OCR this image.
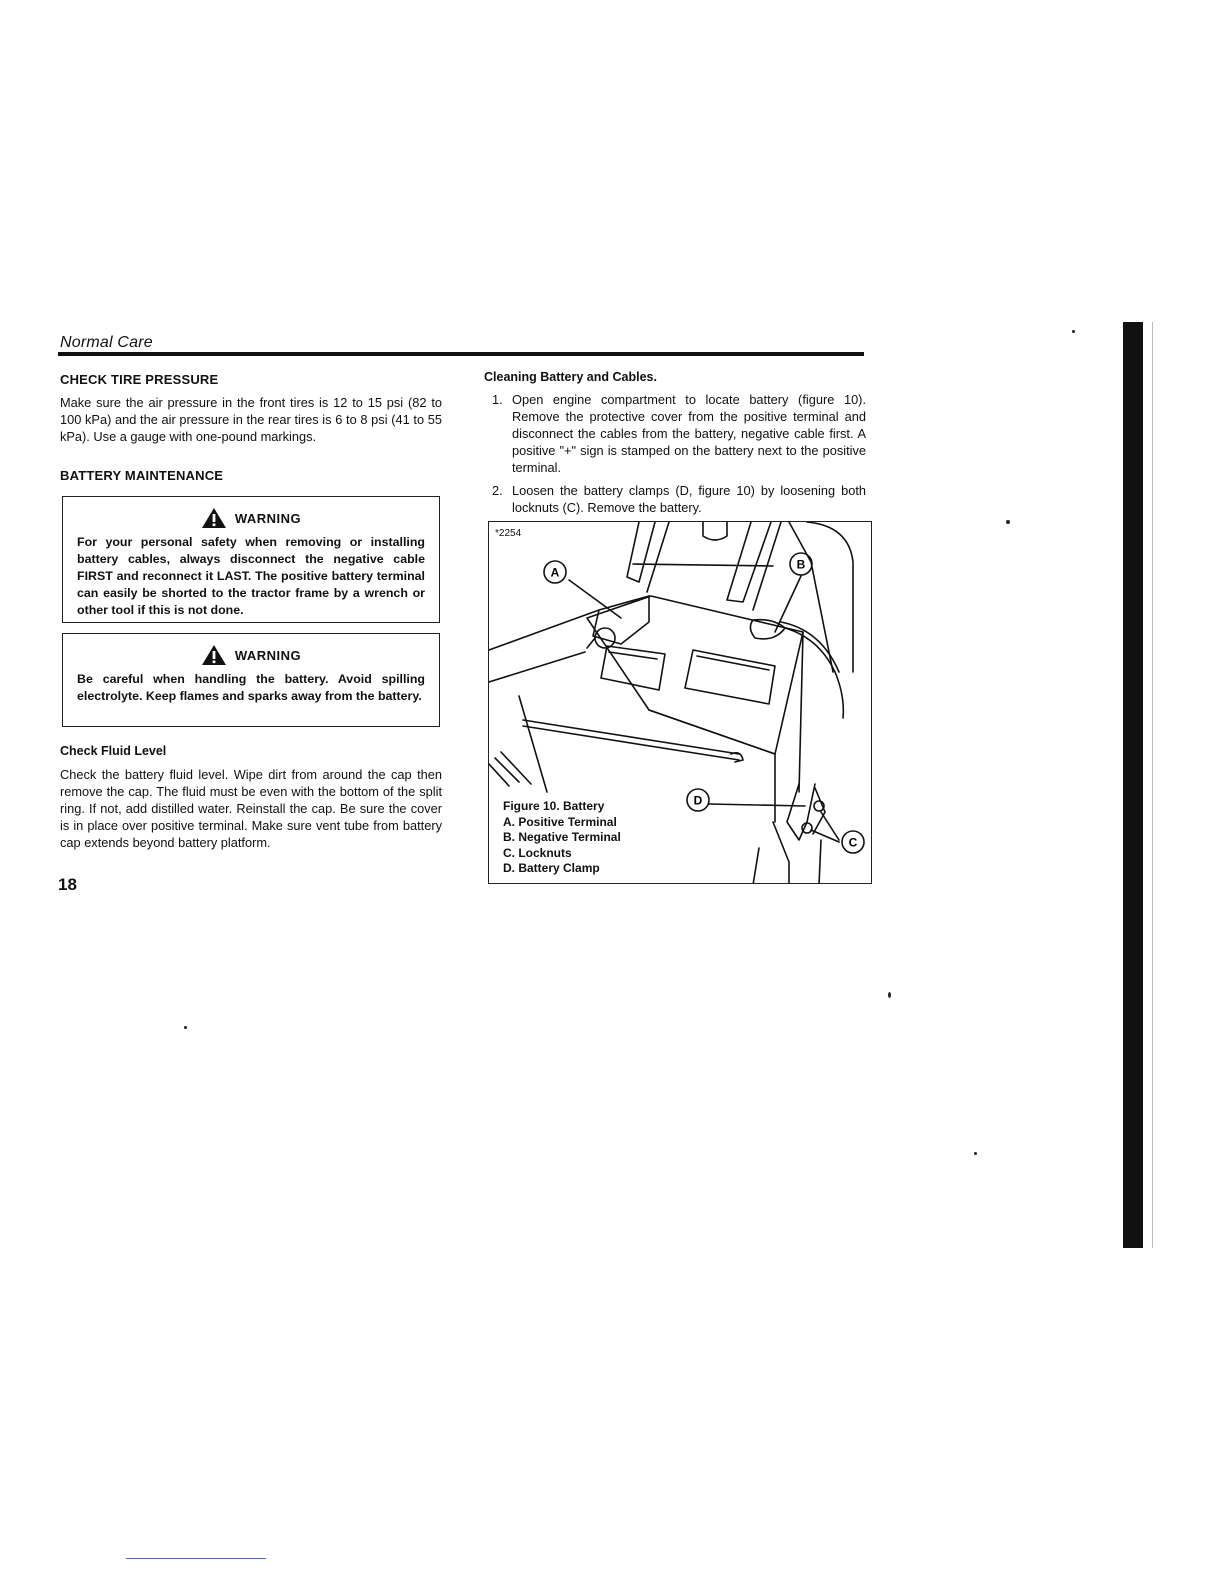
Normal Care
CHECK TIRE PRESSURE

Make sure the air pressure in the front tires is 12 to 15 psi (82 to 100 kPa) and the air pressure in the rear tires is 6 to 8 psi (41 to 55 kPa). Use a gauge with one-pound markings.

BATTERY MAINTENANCE
WARNING
For your personal safety when removing or installing battery cables, always disconnect the negative cable FIRST and reconnect it LAST. The positive battery terminal can easily be shorted to the tractor frame by a wrench or other tool if this is not done.
WARNING
Be careful when handling the battery. Avoid spilling electrolyte. Keep flames and sparks away from the battery.
Check Fluid Level

Check the battery fluid level. Wipe dirt from around the cap then remove the cap. The fluid must be even with the bottom of the split ring. If not, add distilled water. Reinstall the cap. Be sure the cover is in place over positive terminal. Make sure vent tube from battery cap extends beyond battery platform.

18
Cleaning Battery and Cables.
1. Open engine compartment to locate battery (figure 10). Remove the protective cover from the positive terminal and disconnect the cables from the battery, negative cable first. A positive "+" sign is stamped on the battery next to the positive terminal.
2. Loosen the battery clamps (D, figure 10) by loosening both locknuts (C). Remove the battery.
A
B
D
C
*2254
Figure 10. Battery
A. Positive Terminal
B. Negative Terminal
C. Locknuts
D. Battery Clamp
